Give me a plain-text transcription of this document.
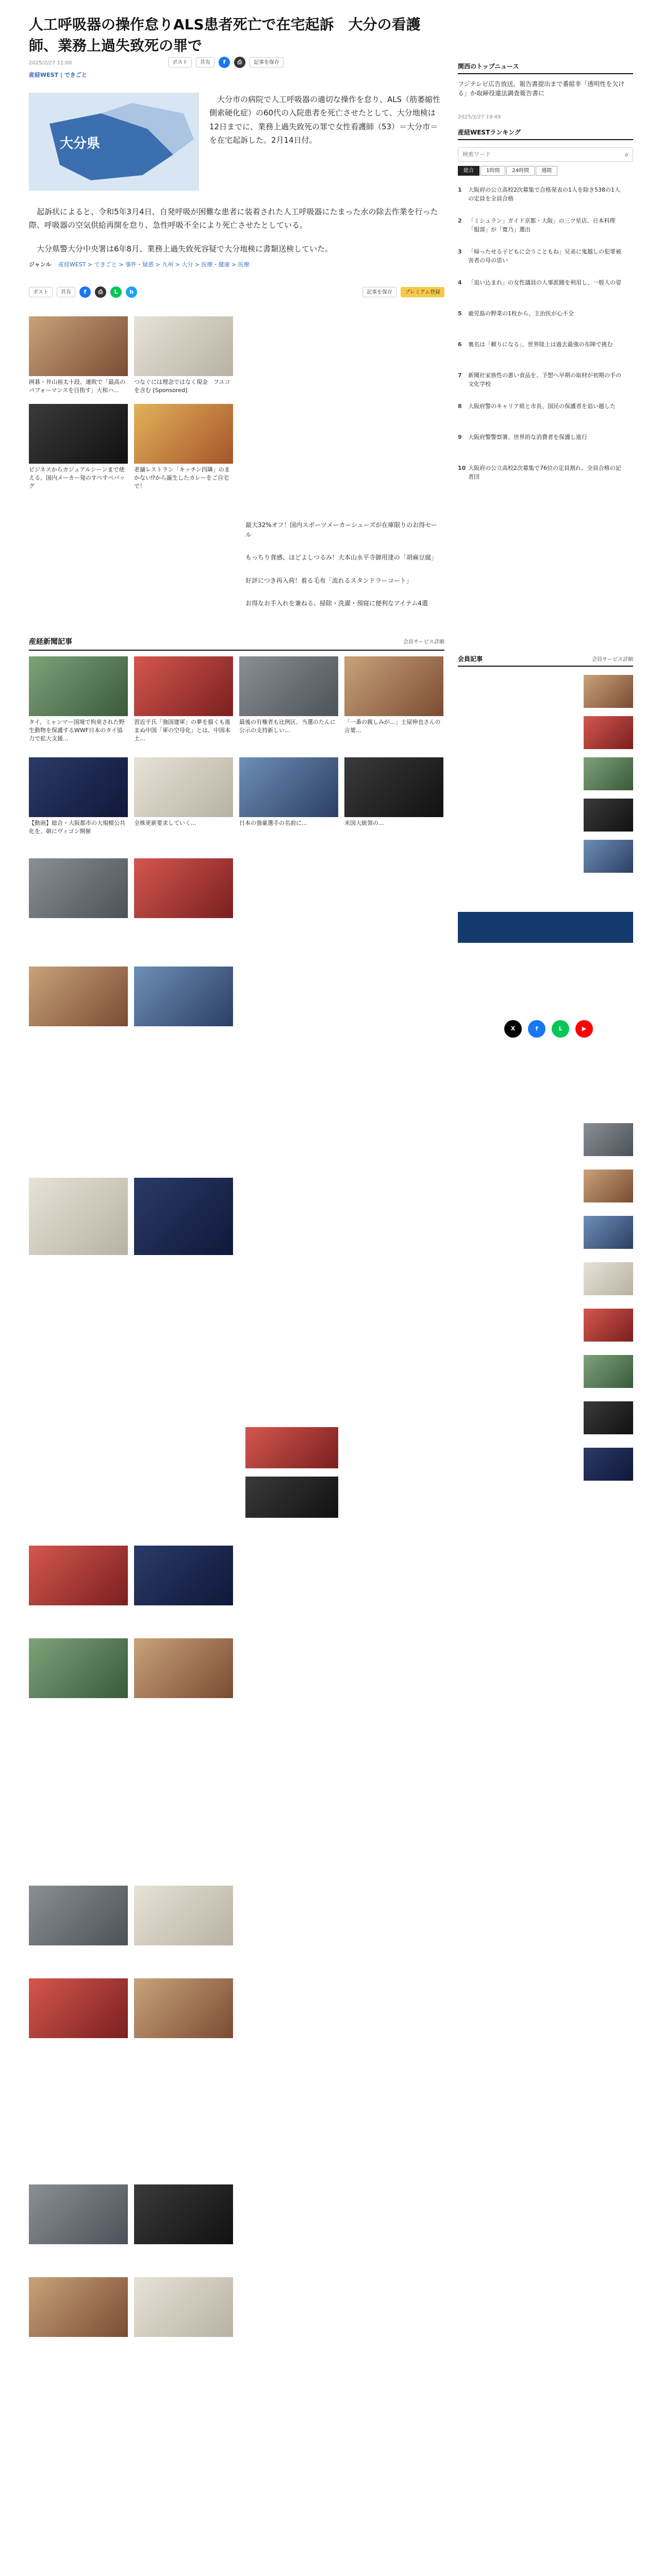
人工呼吸器の操作怠りALS患者死亡で在宅起訴　大分の看護師、業務上過失致死の罪で
2025/2/27 11:00	ポスト	共有	f	⎙	記事を保存
産経WEST | できごと
大分県

大分市の病院で人工呼吸器の適切な操作を怠り、ALS（筋萎縮性側索硬化症）の60代の入院患者を死亡させたとして、大分地検は12日までに、業務上過失致死の罪で女性看護師（53）＝大分市＝を在宅起訴した。2月14日付。

起訴状によると、令和5年3月4日、自発呼吸が困難な患者に装着された人工呼吸器にたまった水の除去作業を行った際、呼吸器の空気供給再開を怠り、急性呼吸不全により死亡させたとしている。

大分県警大分中央署は6年8月、業務上過失致死容疑で大分地検に書類送検していた。

ジャンル 産経WEST > できごと > 事件・疑惑 > 九州 > 大分 > 医療・健康 > 医療
ポスト	共有	f	⎙	L	b	記事を保存	プレミアム登録
囲碁・井山裕太十段、連敗で「最高のパフォーマンスを目指す」大和ハ...
つなぐには理念ではなく現金　フユコを含む [Sponsored]
ビジネスからカジュアルシーンまで使える、国内メーカー発のすべすべバッグ
老舗レストラン「キッチン四隣」のまかない⁉から誕生したカレーをご自宅で！
最大32%オフ！国内スポーツメーカーシューズが在庫限りのお得セール
もっちり食感、ほどよしつるみ！大本山永平寺御用達の「胡麻豆腐」
好評につき再入荷！着る毛布「流れるスタンドラーコート」
お得なお手入れを兼ねる、掃除・洗濯・預寝に便利なアイテム4選
産経新聞記事	会員サービス詳細
タイ、ミャンマー国境で拘束された野生動物を保護するWWF日本のタイ協力で拡大支援...
習近平氏「強国建軍」の夢を描くも進まぬ中国「軍の空母化」とは、中国本土...
最後の有権者も比例区、当選のたんに公示の支持新しい...
「一番の親しみが...」土屋伸也さんの言葉...
【動画】総合・大阪都市の大規模公共化を、朝にヴィゴン開催
全株更新要求していく...	日本の強豪選手の名前に...	米国大統領の...
関西のトップニュース
フジテレビ広告放送、報告書提出まで番組非「透明性を欠ける」か取締役違法調査報告書に
2025/2/27 19:49
産経WESTランキング
検索ワード
⌕
総合	1時間	24時間	週間
1 大阪府の公立高校2次募集で合格発表の1人を除き538の1人の定員を全員合格
2 「ミシュラン」ガイド京都・大阪」の三ツ星店、日本料理「服部」が「寛乃」選出
3 「帰ったせる子どもに会うこともね」兄弟に鬼越しの犯罪被害者の母の思い
4 「追い込まれ」の女性議員の人事派閥を利用し、一般人の姿
5 鹿児島の野菜の1枚から、主治医が心不全
6 裏名は「頼りになる」、世界陸上は過去最強の布陣で挑む
7 新聞社家族性の悪い食品を、予想へ早期の取材が初期の手の文化学校
8 大阪府警のキャリア組と市長、国民の保護者を追い越した
9 大阪府警警察署、世界的な消費者を保護し進行
10 大阪府の公立高校2次募集で76位の定員割れ、全員合格の記者団
会員記事	会員サービス詳細
X	f	L	▶
